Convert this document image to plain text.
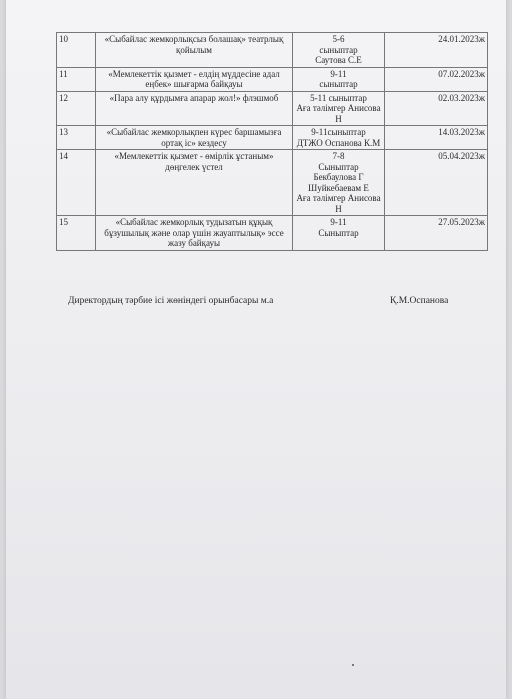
10	«Сыбайлас жемкорлықсыз болашақ» театрлық қойылым	5-6
сыныптар
Саутова С.Е	24.01.2023ж
11	«Мемлекеттік қызмет - елдің мүддесіне адал еңбек» шығарма байқауы	9-11
сыныптар	07.02.2023ж
12	«Пара алу құрдымға апарар жол!» флэшмоб	5-11 сыныптар
Аға тәлімгер Анисова Н	02.03.2023ж
13	«Сыбайлас жемкорлықпен күрес баршамызға ортақ іс» кездесу	9-11сыныптар
ДТЖО Оспанова К.М	14.03.2023ж
14	«Мемлекеттік қызмет - өмірлік ұстаным» дөңгелек үстел	7-8
Сыныптар
Бекбаулова Г
Шуйкебаевам Е
Аға тәлімгер Анисова Н	05.04.2023ж
15	«Сыбайлас жемкорлық тудызатын құқық бұзушылық және олар үшін жауаптылық» эссе жазу байқауы	9-11
Сыныптар	27.05.2023ж
Директордың тәрбие ісі жөніндегі орынбасары м.а	Қ.М.Оспанова
